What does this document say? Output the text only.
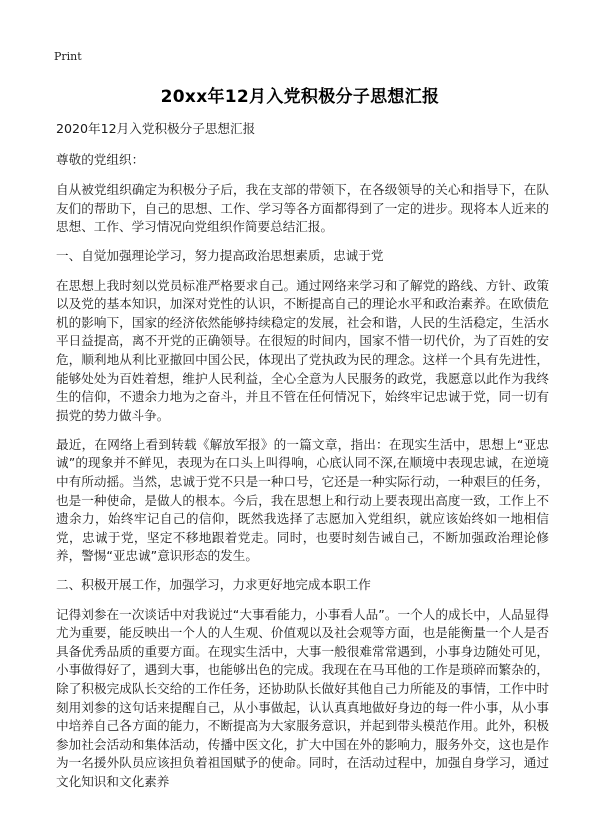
Print
20xx年12月入党积极分子思想汇报

2020年12月入党积极分子思想汇报

尊敬的党组织：

自从被党组织确定为积极分子后，我在支部的带领下，在各级领导的关心和指导下，在队友们的帮助下，自己的思想、工作、学习等各方面都得到了一定的进步。现将本人近来的思想、工作、学习情况向党组织作简要总结汇报。

一、自觉加强理论学习，努力提高政治思想素质，忠诚于党

在思想上我时刻以党员标准严格要求自己。通过网络来学习和了解党的路线、方针、政策以及党的基本知识，加深对党性的认识，不断提高自己的理论水平和政治素养。在欧债危机的影响下，国家的经济依然能够持续稳定的发展，社会和谐，人民的生活稳定，生活水平日益提高，离不开党的正确领导。在很短的时间内，国家不惜一切代价，为了百姓的安危，顺利地从利比亚撤回中国公民，体现出了党执政为民的理念。这样一个具有先进性，能够处处为百姓着想，维护人民利益，全心全意为人民服务的政党，我愿意以此作为我终生的信仰，不遗余力地为之奋斗，并且不管在任何情况下，始终牢记忠诚于党，同一切有损党的势力做斗争。

最近，在网络上看到转载《解放军报》的一篇文章，指出：在现实生活中，思想上“亚忠诚”的现象并不鲜见，表现为在口头上叫得响，心底认同不深,在顺境中表现忠诚，在逆境中有所动摇。当然，忠诚于党不只是一种口号，它还是一种实际行动，一种艰巨的任务，也是一种使命，是做人的根本。今后，我在思想上和行动上要表现出高度一致，工作上不遗余力，始终牢记自己的信仰，既然我选择了志愿加入党组织，就应该始终如一地相信党，忠诚于党，坚定不移地跟着党走。同时，也要时刻告诫自己，不断加强政治理论修养，警惕“亚忠诚”意识形态的发生。

二、积极开展工作，加强学习，力求更好地完成本职工作

记得刘参在一次谈话中对我说过“大事看能力，小事看人品”。一个人的成长中，人品显得尤为重要，能反映出一个人的人生观、价值观以及社会观等方面，也是能衡量一个人是否具备优秀品质的重要方面。在现实生活中，大事一般很难常常遇到，小事身边随处可见，小事做得好了，遇到大事，也能够出色的完成。我现在在马耳他的工作是琐碎而繁杂的，除了积极完成队长交给的工作任务，还协助队长做好其他自己力所能及的事情，工作中时刻用刘参的这句话来提醒自己，从小事做起，认认真真地做好身边的每一件小事，从小事中培养自己各方面的能力，不断提高为大家服务意识，并起到带头模范作用。此外，积极参加社会活动和集体活动，传播中医文化，扩大中国在外的影响力，服务外交，这也是作为一名援外队员应该担负着祖国赋予的使命。同时，在活动过程中，加强自身学习，通过文化知识和文化素养
